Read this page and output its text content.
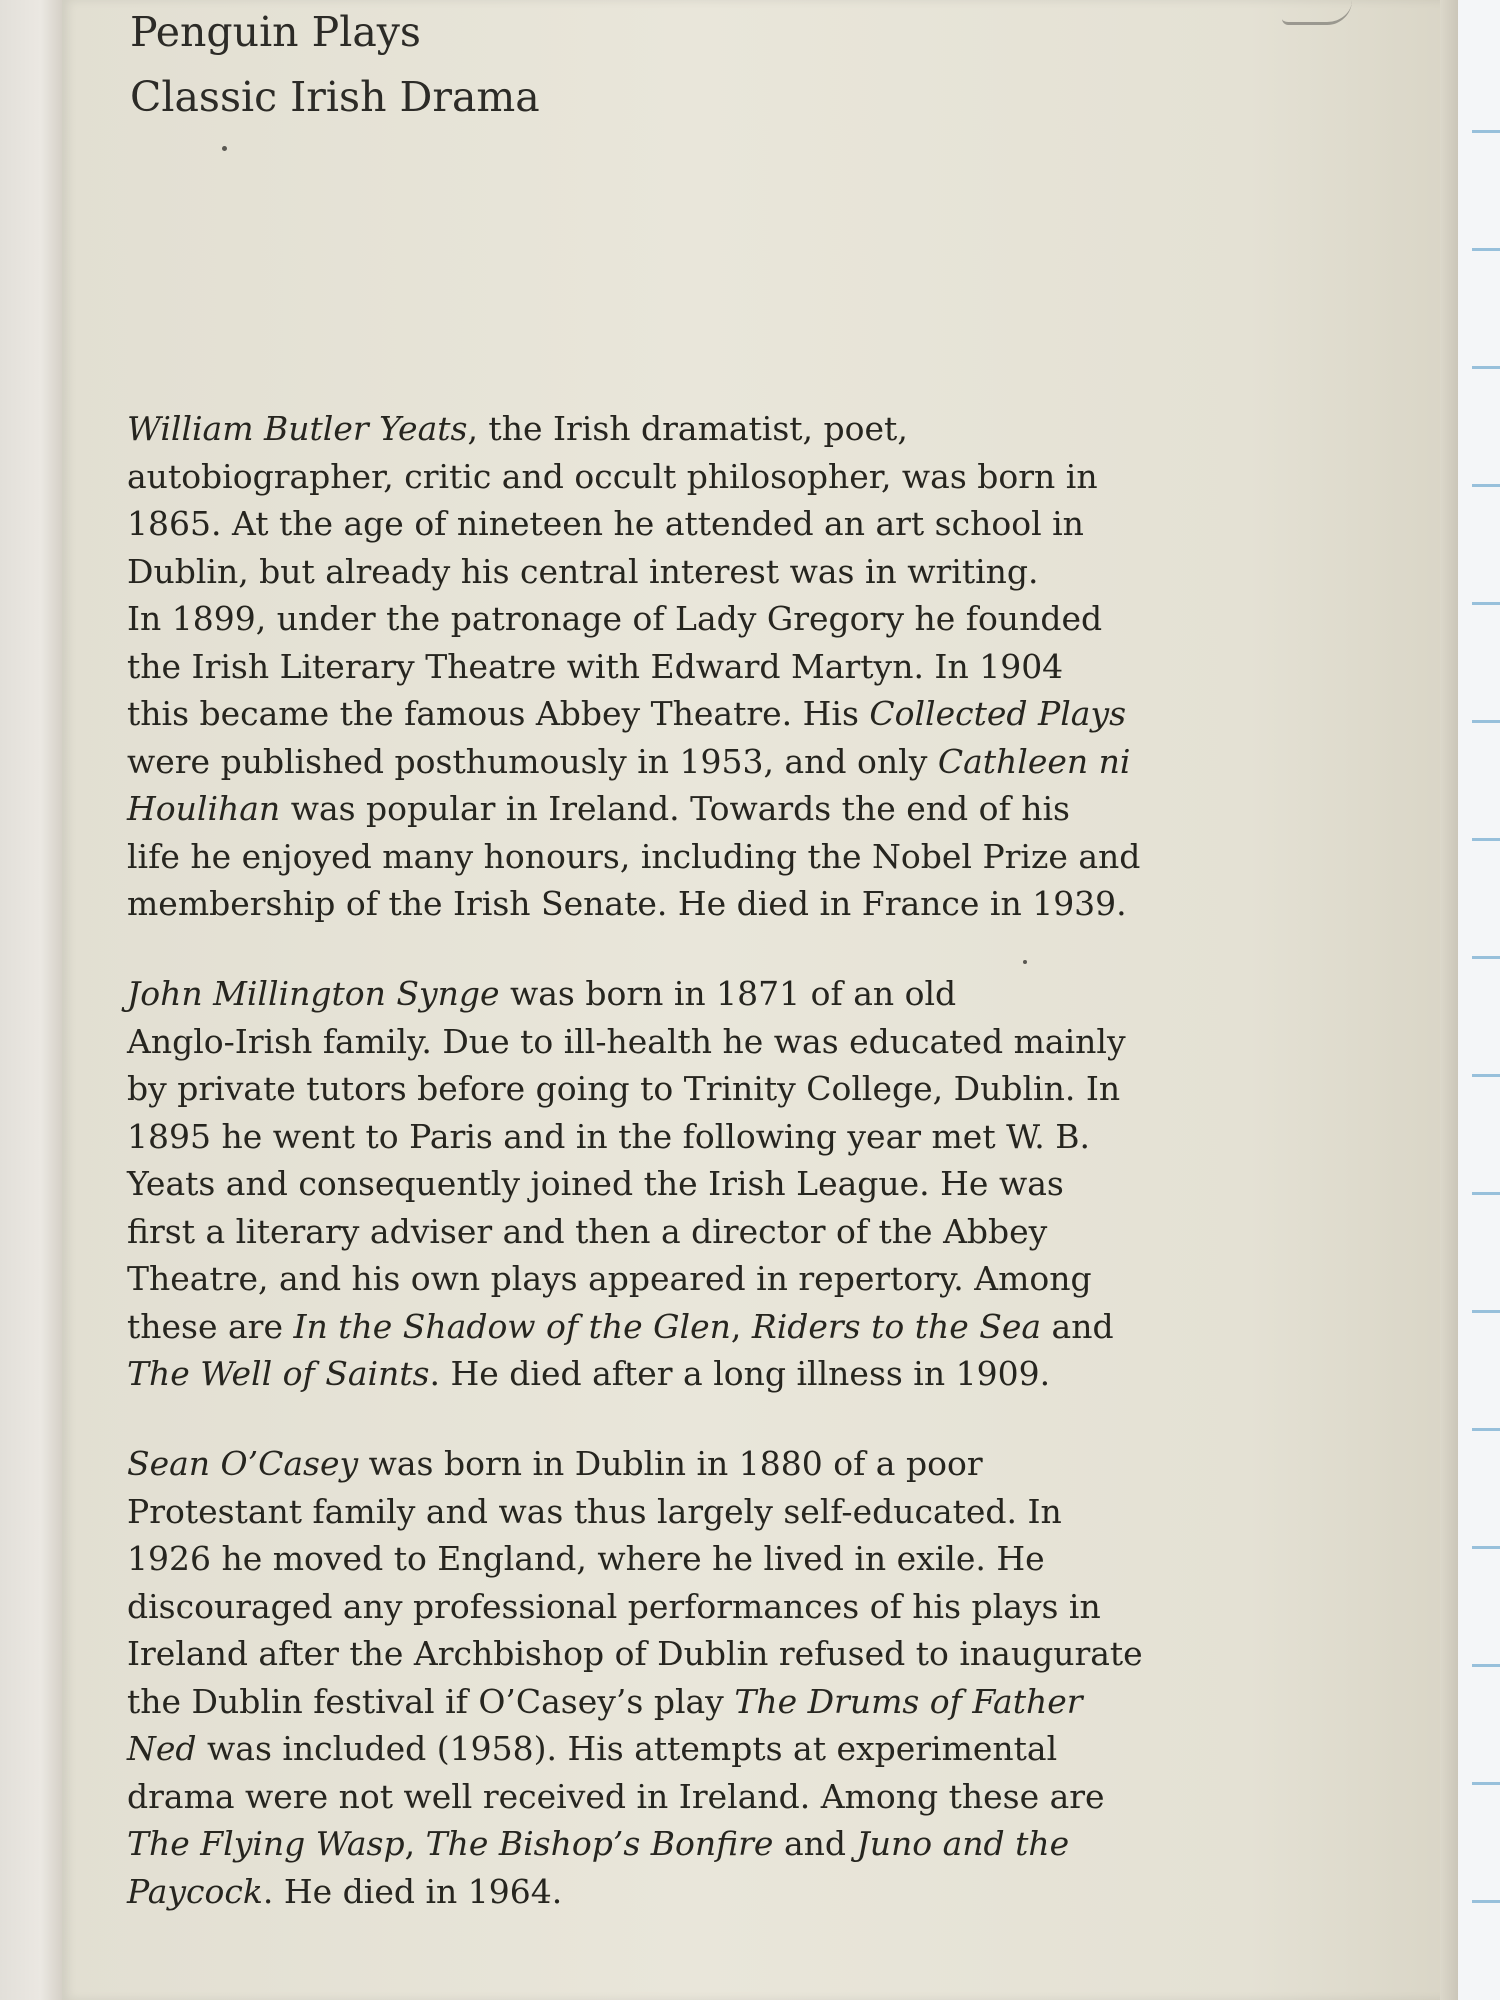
Penguin Plays
Classic Irish Drama
William Butler Yeats, the Irish dramatist, poet,
autobiographer, critic and occult philosopher, was born in
1865. At the age of nineteen he attended an art school in
Dublin, but already his central interest was in writing.
In 1899, under the patronage of Lady Gregory he founded
the Irish Literary Theatre with Edward Martyn. In 1904
this became the famous Abbey Theatre. His Collected Plays
were published posthumously in 1953, and only Cathleen ni
Houlihan was popular in Ireland. Towards the end of his
life he enjoyed many honours, including the Nobel Prize and
membership of the Irish Senate. He died in France in 1939.
John Millington Synge was born in 1871 of an old
Anglo-Irish family. Due to ill-health he was educated mainly
by private tutors before going to Trinity College, Dublin. In
1895 he went to Paris and in the following year met W. B.
Yeats and consequently joined the Irish League. He was
first a literary adviser and then a director of the Abbey
Theatre, and his own plays appeared in repertory. Among
these are In the Shadow of the Glen, Riders to the Sea and
The Well of Saints. He died after a long illness in 1909.
Sean O’Casey was born in Dublin in 1880 of a poor
Protestant family and was thus largely self-educated. In
1926 he moved to England, where he lived in exile. He
discouraged any professional performances of his plays in
Ireland after the Archbishop of Dublin refused to inaugurate
the Dublin festival if O’Casey’s play The Drums of Father
Ned was included (1958). His attempts at experimental
drama were not well received in Ireland. Among these are
The Flying Wasp, The Bishop’s Bonfire and Juno and the
Paycock. He died in 1964.
